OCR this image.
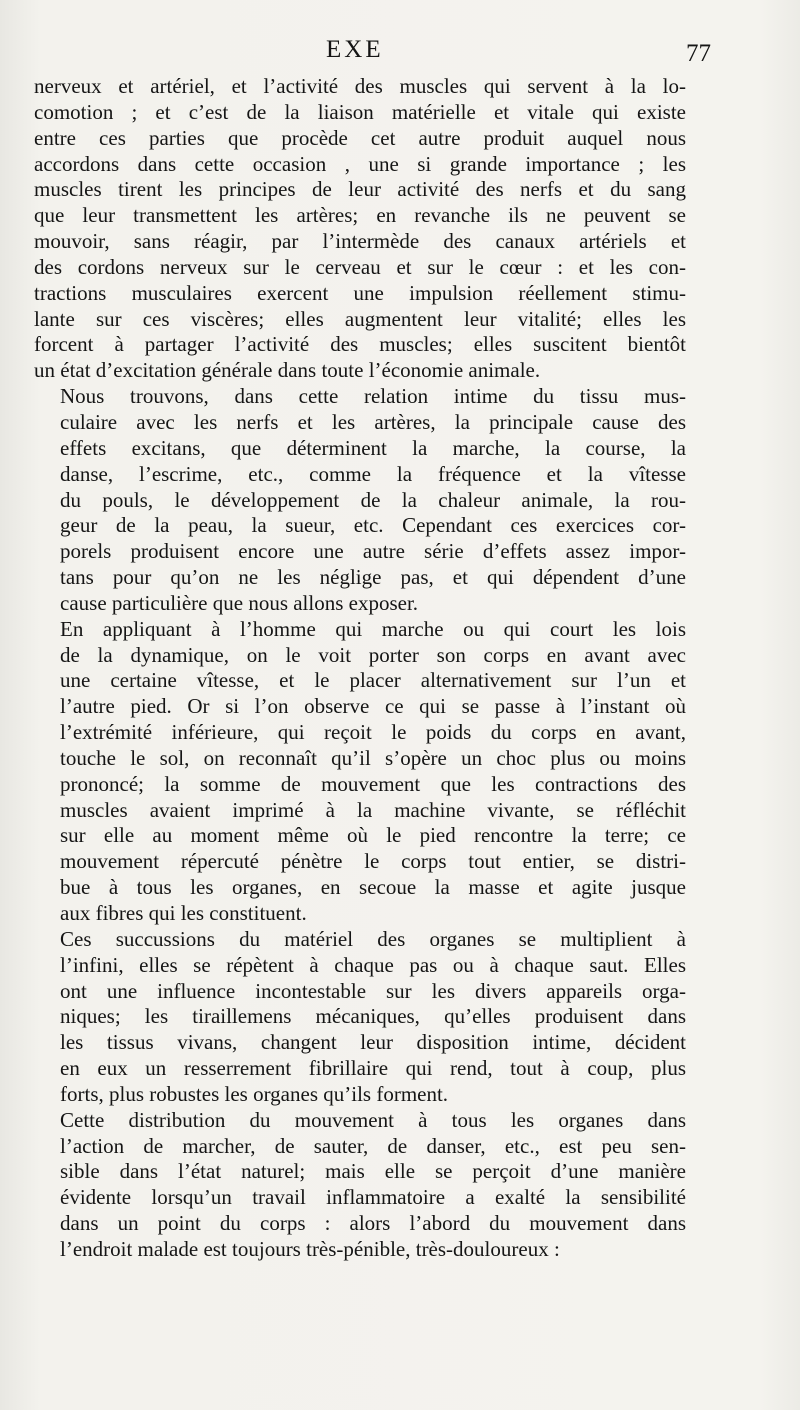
EXE	77
nerveux et artériel, et l’activité des muscles qui servent à la lo-
comotion ; et c’est de la liaison matérielle et vitale qui existe
entre ces parties que procède cet autre produit auquel nous
accordons dans cette occasion , une si grande importance ; les
muscles tirent les principes de leur activité des nerfs et du sang
que leur transmettent les artères; en revanche ils ne peuvent se
mouvoir, sans réagir, par l’intermède des canaux artériels et
des cordons nerveux sur le cerveau et sur le cœur : et les con-
tractions musculaires exercent une impulsion réellement stimu-
lante sur ces viscères; elles augmentent leur vitalité; elles les
forcent à partager l’activité des muscles; elles suscitent bientôt
un état d’excitation générale dans toute l’économie animale.
Nous trouvons, dans cette relation intime du tissu mus-
culaire avec les nerfs et les artères, la principale cause des
effets excitans, que déterminent la marche, la course, la
danse, l’escrime, etc., comme la fréquence et la vîtesse
du pouls, le développement de la chaleur animale, la rou-
geur de la peau, la sueur, etc. Cependant ces exercices cor-
porels produisent encore une autre série d’effets assez impor-
tans pour qu’on ne les néglige pas, et qui dépendent d’une
cause particulière que nous allons exposer.
En appliquant à l’homme qui marche ou qui court les lois
de la dynamique, on le voit porter son corps en avant avec
une certaine vîtesse, et le placer alternativement sur l’un et
l’autre pied. Or si l’on observe ce qui se passe à l’instant où
l’extrémité inférieure, qui reçoit le poids du corps en avant,
touche le sol, on reconnaît qu’il s’opère un choc plus ou moins
prononcé; la somme de mouvement que les contractions des
muscles avaient imprimé à la machine vivante, se réfléchit
sur elle au moment même où le pied rencontre la terre; ce
mouvement répercuté pénètre le corps tout entier, se distri-
bue à tous les organes, en secoue la masse et agite jusque
aux fibres qui les constituent.
Ces succussions du matériel des organes se multiplient à
l’infini, elles se répètent à chaque pas ou à chaque saut. Elles
ont une influence incontestable sur les divers appareils orga-
niques; les tiraillemens mécaniques, qu’elles produisent dans
les tissus vivans, changent leur disposition intime, décident
en eux un resserrement fibrillaire qui rend, tout à coup, plus
forts, plus robustes les organes qu’ils forment.
Cette distribution du mouvement à tous les organes dans
l’action de marcher, de sauter, de danser, etc., est peu sen-
sible dans l’état naturel; mais elle se perçoit d’une manière
évidente lorsqu’un travail inflammatoire a exalté la sensibilité
dans un point du corps : alors l’abord du mouvement dans
l’endroit malade est toujours très-pénible, très-douloureux :
